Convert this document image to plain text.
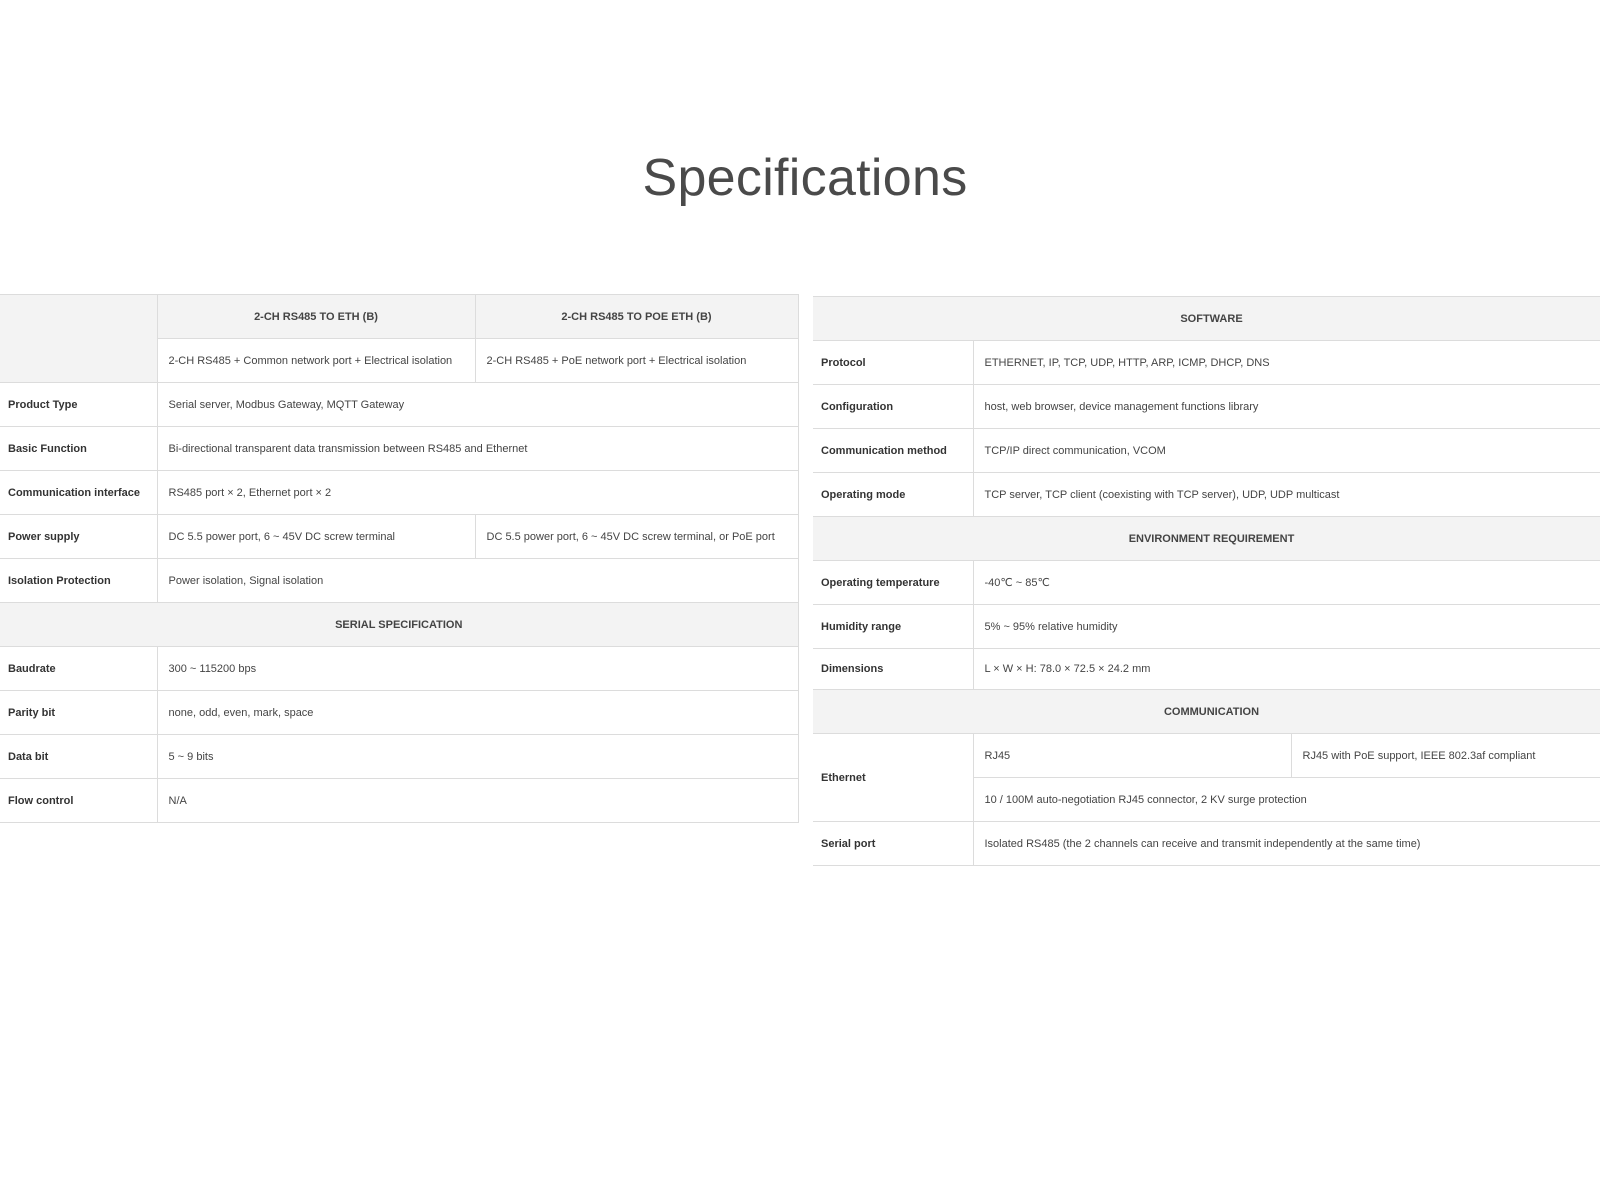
Specifications
	2-CH RS485 TO ETH (B)	2-CH RS485 TO POE ETH (B)
	2-CH RS485 + Common network port + Electrical isolation	2-CH RS485 + PoE network port + Electrical isolation
Product Type	Serial server, Modbus Gateway, MQTT Gateway	
Basic Function	Bi-directional transparent data transmission between RS485 and Ethernet	
Communication interface	RS485 port × 2, Ethernet port × 2	
Power supply	DC 5.5 power port, 6 ~ 45V DC screw terminal	DC 5.5 power port, 6 ~ 45V DC screw terminal, or PoE port
Isolation Protection	Power isolation, Signal isolation	
SERIAL SPECIFICATION		
Baudrate	300 ~ 115200 bps	
Parity bit	none, odd, even, mark, space	
Data bit	5 ~ 9 bits	
Flow control	N/A	
SOFTWARE		
Protocol	ETHERNET, IP, TCP, UDP, HTTP, ARP, ICMP, DHCP, DNS	
Configuration	host, web browser, device management functions library	
Communication method	TCP/IP direct communication, VCOM	
Operating mode	TCP server, TCP client (coexisting with TCP server), UDP, UDP multicast	
ENVIRONMENT REQUIREMENT		
Operating temperature	-40℃ ~ 85℃	
Humidity range	5% ~ 95% relative humidity	
Dimensions	L × W × H: 78.0 × 72.5 × 24.2 mm	
COMMUNICATION		
Ethernet	RJ45	RJ45 with PoE support, IEEE 802.3af compliant
	10 / 100M auto-negotiation RJ45 connector, 2 KV surge protection	
Serial port	Isolated RS485 (the 2 channels can receive and transmit independently at the same time)	
